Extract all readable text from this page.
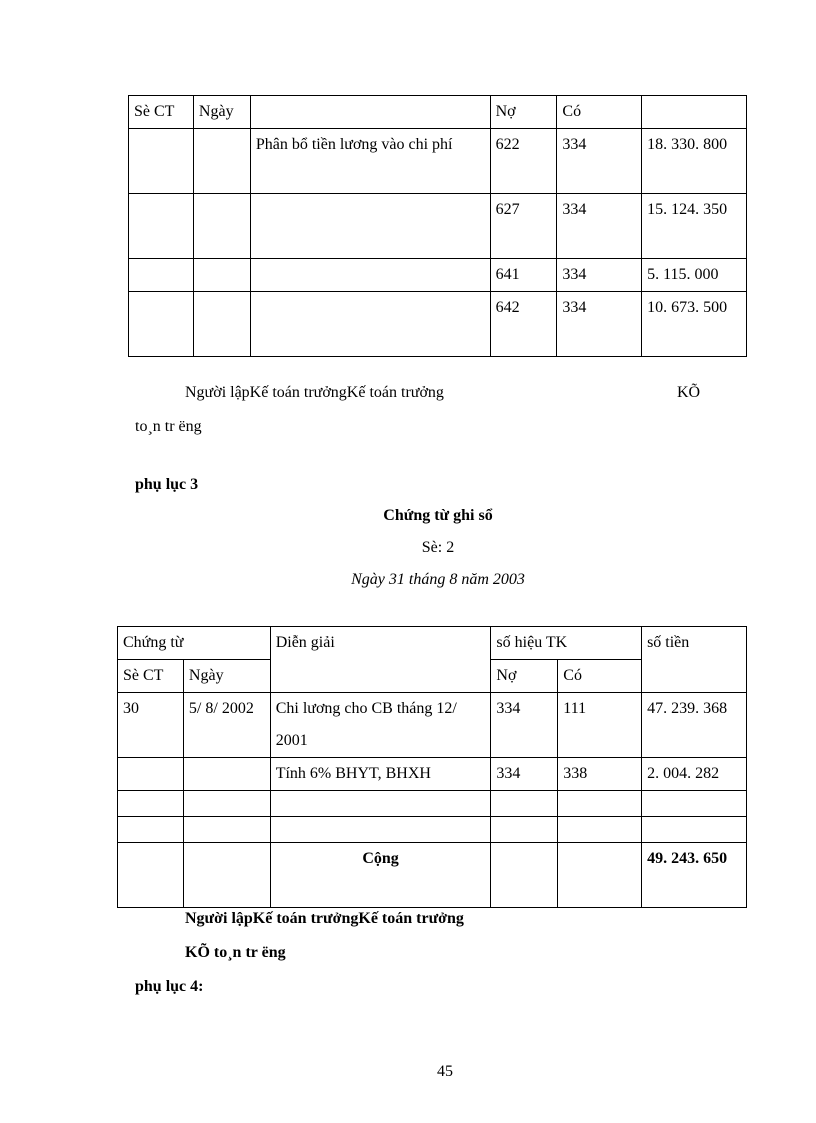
Sè CT	Ngày		Nợ	Có	
		Phân bổ tiền lương vào chi phí	622	334	18. 330. 800
			627	334	15. 124. 350
			641	334	5. 115. 000
			642	334	10. 673. 500
Người lậpKế toán trưởngKế toán trưởng	KÕ
to¸n tr ëng
phụ lục 3
Chứng từ ghi sổ
Sè: 2
Ngày 31 tháng 8 năm 2003
Chứng từ		Diễn giải	số hiệu TK		số tiền
Sè CT	Ngày		Nợ	Có	
30	5/ 8/ 2002	Chi lương cho CB tháng 12/ 2001	334	111	47. 239. 368
		Tính 6% BHYT, BHXH	334	338	2. 004. 282

		Cộng			49. 243. 650
Người lậpKế toán trưởngKế toán trưởng
KÕ to¸n tr ëng
phụ lục 4:
45
